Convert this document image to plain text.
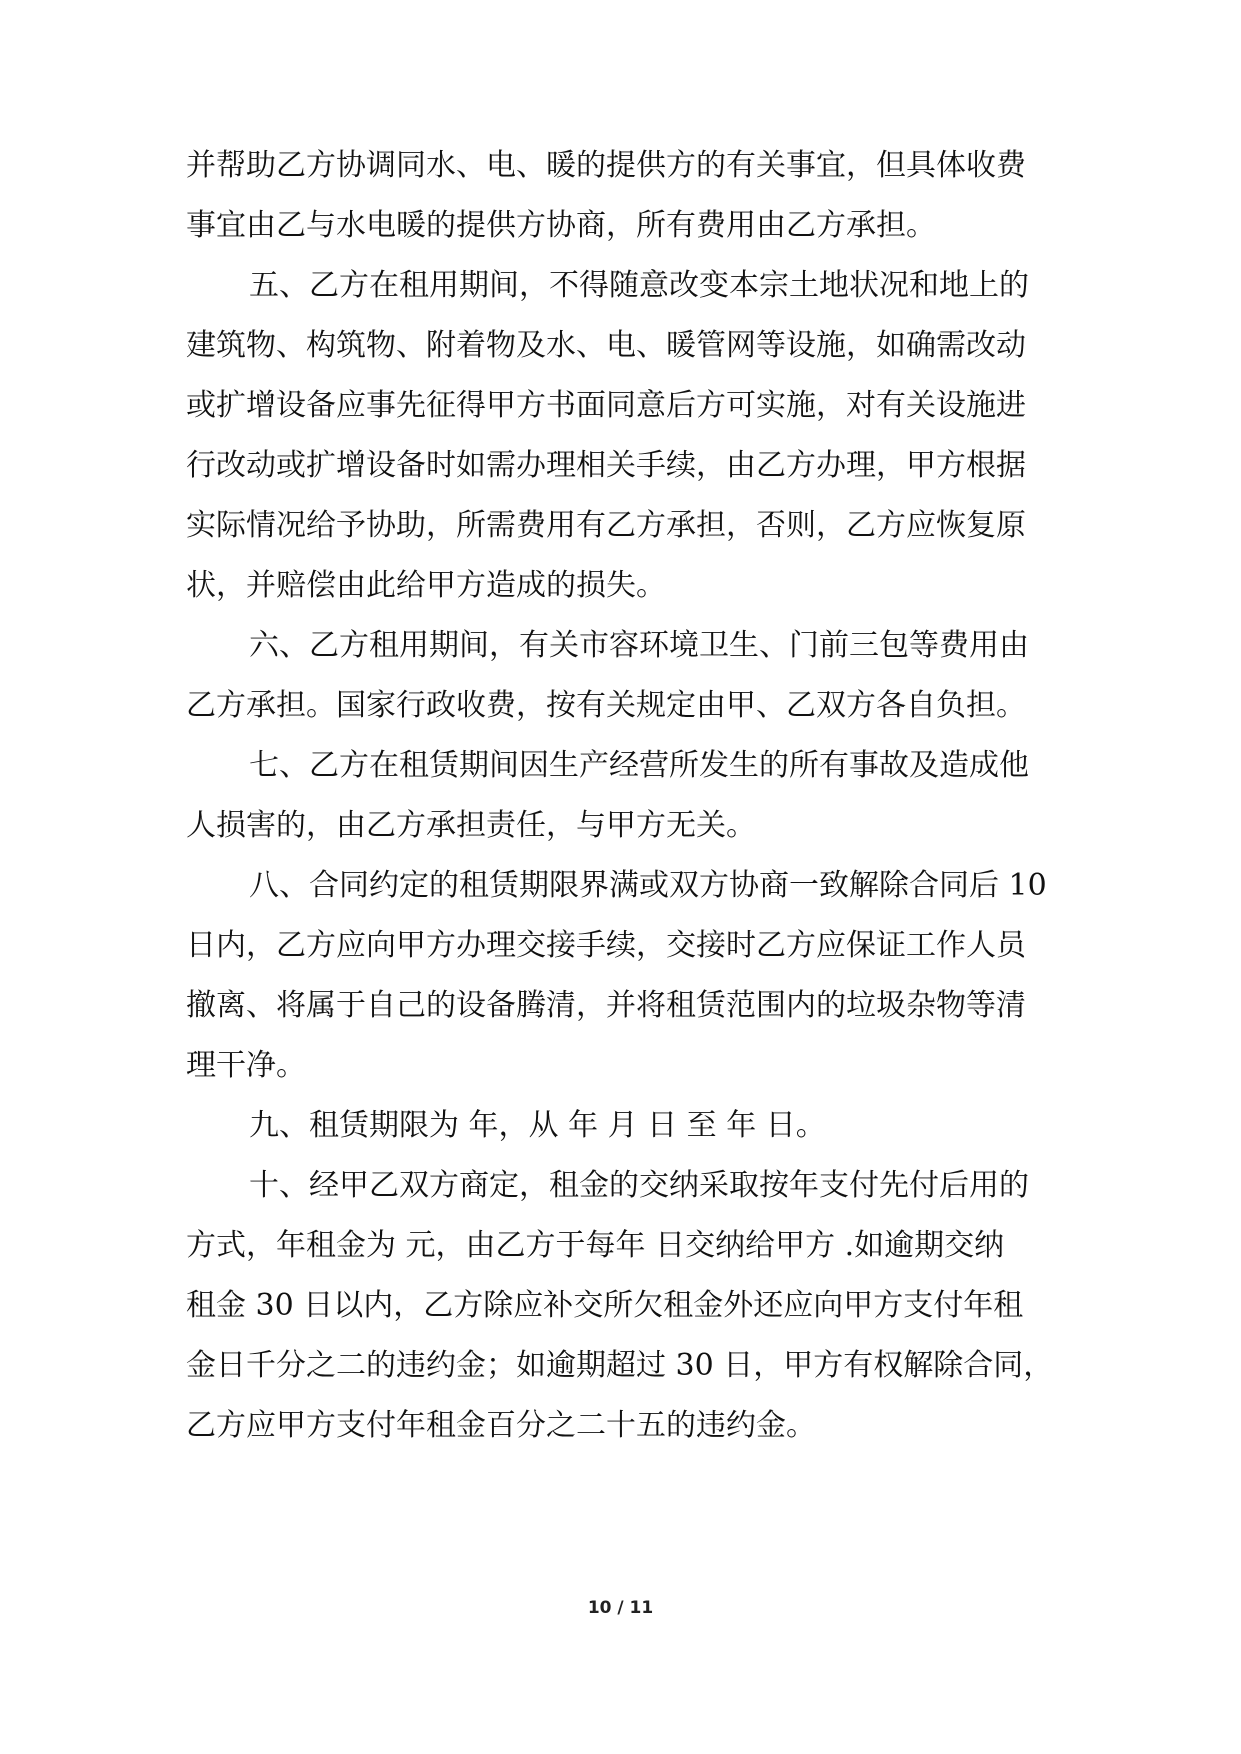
并帮助乙方协调同水、电、暖的提供方的有关事宜，但具体收费
事宜由乙与水电暖的提供方协商，所有费用由乙方承担。
五、乙方在租用期间，不得随意改变本宗土地状况和地上的
建筑物、构筑物、附着物及水、电、暖管网等设施，如确需改动
或扩增设备应事先征得甲方书面同意后方可实施，对有关设施进
行改动或扩增设备时如需办理相关手续，由乙方办理，甲方根据
实际情况给予协助，所需费用有乙方承担，否则，乙方应恢复原
状，并赔偿由此给甲方造成的损失。
六、乙方租用期间，有关市容环境卫生、门前三包等费用由
乙方承担。国家行政收费，按有关规定由甲、乙双方各自负担。
七、乙方在租赁期间因生产经营所发生的所有事故及造成他
人损害的，由乙方承担责任，与甲方无关。
八、合同约定的租赁期限界满或双方协商一致解除合同后 10
日内，乙方应向甲方办理交接手续，交接时乙方应保证工作人员
撤离、将属于自己的设备腾清，并将租赁范围内的垃圾杂物等清
理干净。
九、租赁期限为 年，从 年 月 日 至 年 日。
十、经甲乙双方商定，租金的交纳采取按年支付先付后用的
方式，年租金为 元，由乙方于每年 日交纳给甲方 .如逾期交纳
租金 30 日以内，乙方除应补交所欠租金外还应向甲方支付年租
金日千分之二的违约金；如逾期超过 30 日，甲方有权解除合同，
乙方应甲方支付年租金百分之二十五的违约金。
10 / 11
